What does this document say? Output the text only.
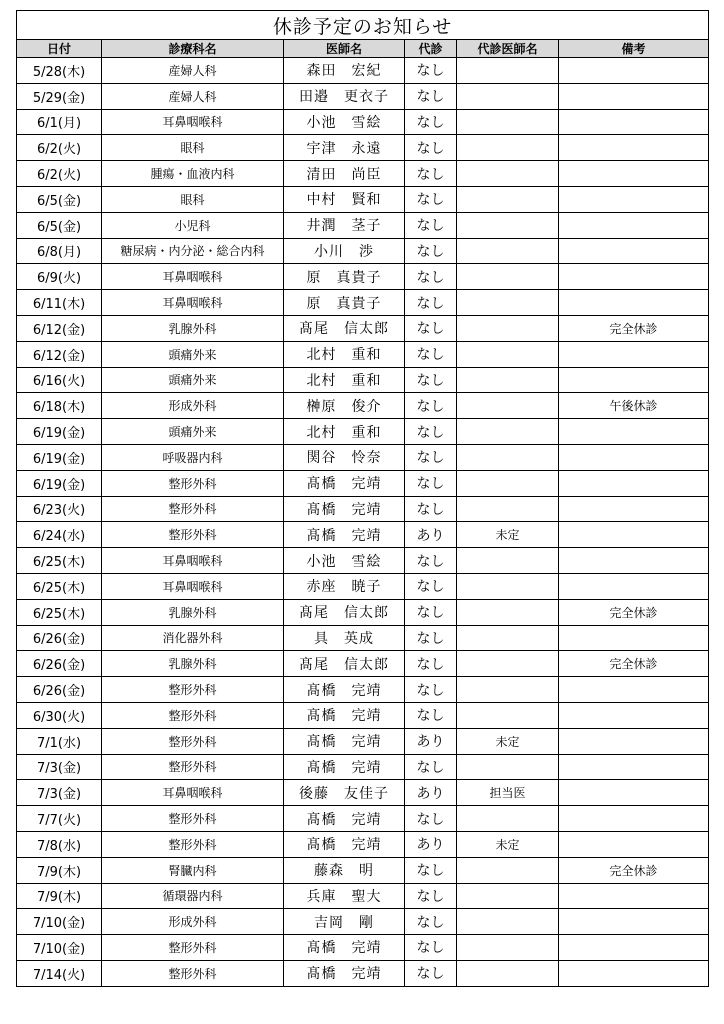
休診予定のお知らせ					
日付	診療科名	医師名	代診	代診医師名	備考
5/28(木)	産婦人科	森田　宏紀	なし		
5/29(金)	産婦人科	田邉　更衣子	なし		
6/1(月)	耳鼻咽喉科	小池　雪絵	なし		
6/2(火)	眼科	宇津　永遠	なし		
6/2(火)	腫瘍・血液内科	清田　尚臣	なし		
6/5(金)	眼科	中村　賢和	なし		
6/5(金)	小児科	井潤　茎子	なし		
6/8(月)	糖尿病・内分泌・総合内科	小川　渉	なし		
6/9(火)	耳鼻咽喉科	原　真貴子	なし		
6/11(木)	耳鼻咽喉科	原　真貴子	なし		
6/12(金)	乳腺外科	髙尾　信太郎	なし		完全休診
6/12(金)	頭痛外来	北村　重和	なし		
6/16(火)	頭痛外来	北村　重和	なし		
6/18(木)	形成外科	榊原　俊介	なし		午後休診
6/19(金)	頭痛外来	北村　重和	なし		
6/19(金)	呼吸器内科	関谷　怜奈	なし		
6/19(金)	整形外科	髙橋　完靖	なし		
6/23(火)	整形外科	髙橋　完靖	なし		
6/24(水)	整形外科	髙橋　完靖	あり	未定	
6/25(木)	耳鼻咽喉科	小池　雪絵	なし		
6/25(木)	耳鼻咽喉科	赤座　暁子	なし		
6/25(木)	乳腺外科	髙尾　信太郎	なし		完全休診
6/26(金)	消化器外科	具　英成	なし		
6/26(金)	乳腺外科	髙尾　信太郎	なし		完全休診
6/26(金)	整形外科	髙橋　完靖	なし		
6/30(火)	整形外科	髙橋　完靖	なし		
7/1(水)	整形外科	髙橋　完靖	あり	未定	
7/3(金)	整形外科	髙橋　完靖	なし		
7/3(金)	耳鼻咽喉科	後藤　友佳子	あり	担当医	
7/7(火)	整形外科	髙橋　完靖	なし		
7/8(水)	整形外科	髙橋　完靖	あり	未定	
7/9(木)	腎臓内科	藤森　明	なし		完全休診
7/9(木)	循環器内科	兵庫　聖大	なし		
7/10(金)	形成外科	吉岡　剛	なし		
7/10(金)	整形外科	髙橋　完靖	なし		
7/14(火)	整形外科	髙橋　完靖	なし		
